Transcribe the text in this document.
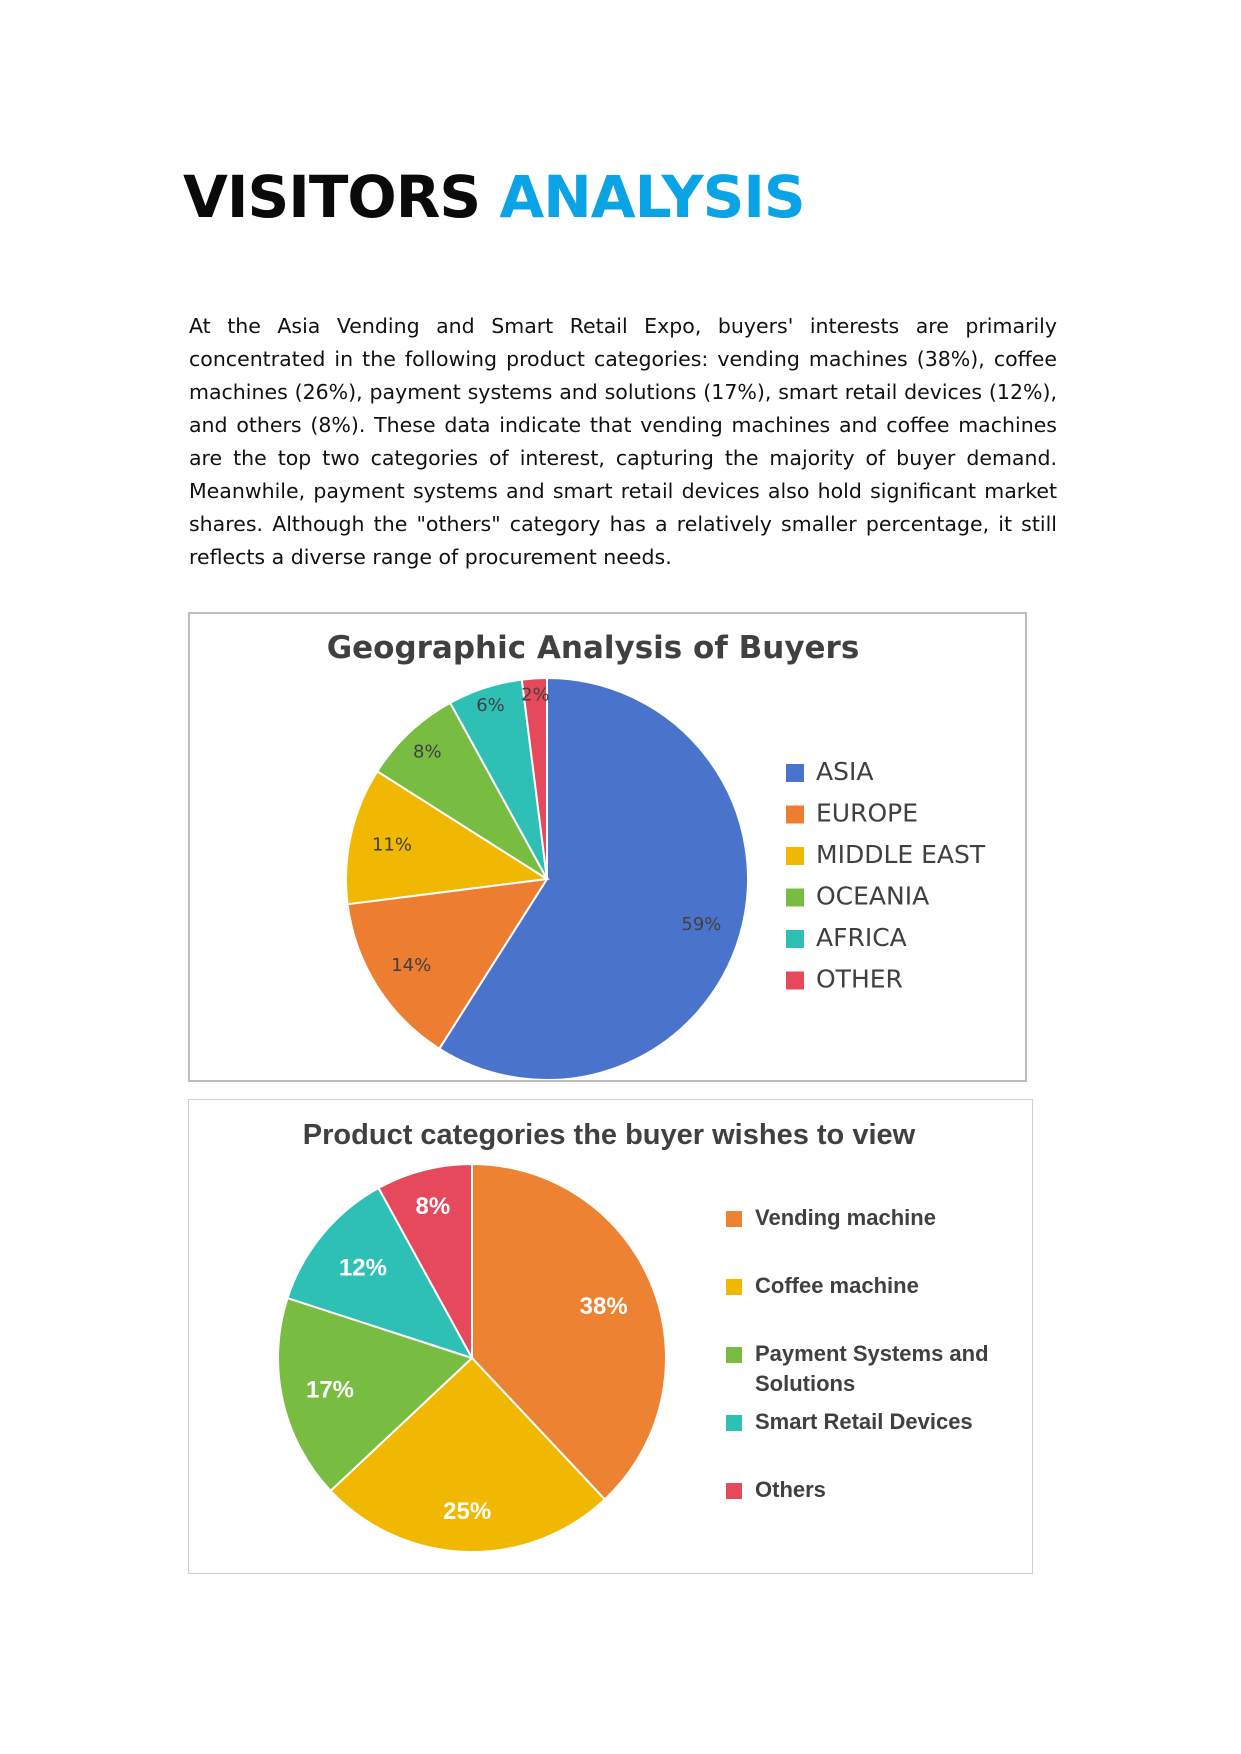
VISITORS ANALYSIS

At the Asia Vending and Smart Retail Expo, buyers' interests are primarily concentrated in the following product categories: vending machines (38%), coffee machines (26%), payment systems and solutions (17%), smart retail devices (12%), and others (8%). These data indicate that vending machines and coffee machines are the top two categories of interest, capturing the majority of buyer demand. Meanwhile, payment systems and smart retail devices also hold significant market shares. Although the "others" category has a relatively smaller percentage, it still reflects a diverse range of procurement needs.

Geographic Analysis of Buyers
59%
14%
11%
8%
6%
2%
ASIA
EUROPE
MIDDLE EAST
OCEANIA
AFRICA
OTHER
Product categories the buyer wishes to view
38%
25%
17%
12%
8%	Vending machine
Coffee machine
Payment Systems and
Solutions
Smart Retail Devices
Others
